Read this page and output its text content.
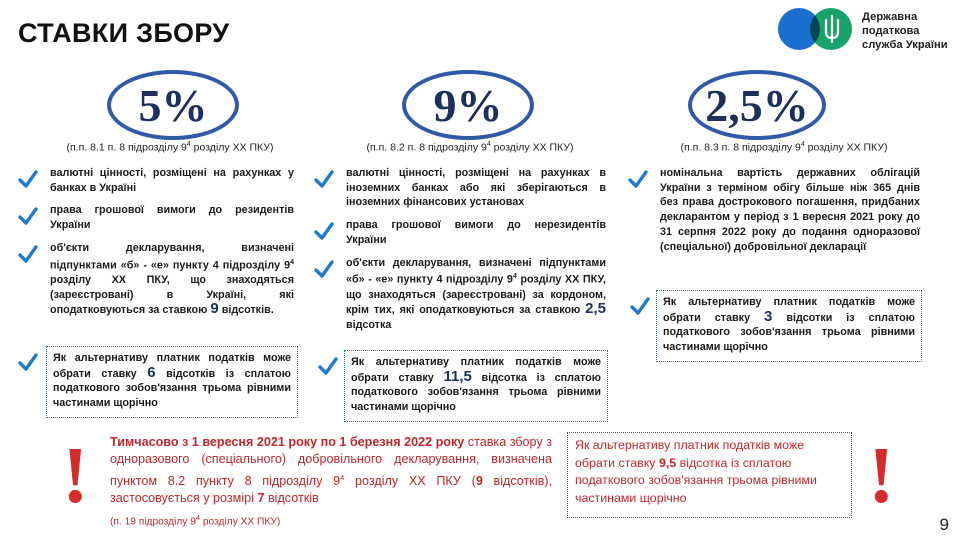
СТАВКИ ЗБОРУ
Державна
податкова
служба України
5%
(п.п. 8.1 п. 8 підрозділу $9^4$ розділу ХХ ПКУ)
9%
(п.п. 8.2 п. 8 підрозділу $9^4$ розділу ХХ ПКУ)
2,5%
(п.п. 8.3 п. 8 підрозділу $9^4$ розділу ХХ ПКУ)
валютні цінності, розміщені на рахунках у банках в Україні
права грошової вимоги до резидентів України
об'єкти декларування, визначені підпунктами «б» - «е» пункту 4 підрозділу $9^4$ розділу ХХ ПКУ, що знаходяться (зареєстровані) в Україні, які оподатковуються за ставкою 9 відсотків.
Як альтернативу платник податків може обрати ставку 6 відсотків із сплатою податкового зобов'язання трьома рівними частинами щорічно
валютні цінності, розміщені на рахунках в іноземних банках або які зберігаються в іноземних фінансових установах
права грошової вимоги до нерезидентів України
об'єкти декларування, визначені підпунктами «б» - «е» пункту 4 підрозділу $9^4$ розділу ХХ ПКУ, що знаходяться (зареєстровані) за кордоном, крім тих, які оподатковуються за ставкою 2,5 відсотка
Як альтернативу платник податків може обрати ставку 11,5 відсотка із сплатою податкового зобов'язання трьома рівними частинами щорічно
номінальна вартість державних облігацій України з терміном обігу більше ніж 365 днів без права дострокового погашення, придбаних декларантом у період з 1 вересня 2021 року до 31 серпня 2022 року до подання одноразової (спеціальної) добровільної декларації
Як альтернативу платник податків може обрати ставку 3 відсотки із сплатою податкового зобов'язання трьома рівними частинами щорічно
! Тимчасово з 1 вересня 2021 року по 1 березня 2022 року ставка збору з одноразового (спеціального) добровільного декларування, визначена пунктом 8.2 пункту 8 підрозділу $9^4$ розділу ХХ ПКУ (9 відсотків), застосовується у розмірі 7 відсотків
(п. 19 підрозділу $9^4$ розділу ХХ ПКУ)
Як альтернативу платник податків може обрати ставку 9,5 відсотка із сплатою податкового зобов'язання трьома рівними частинами щорічно	!
9
